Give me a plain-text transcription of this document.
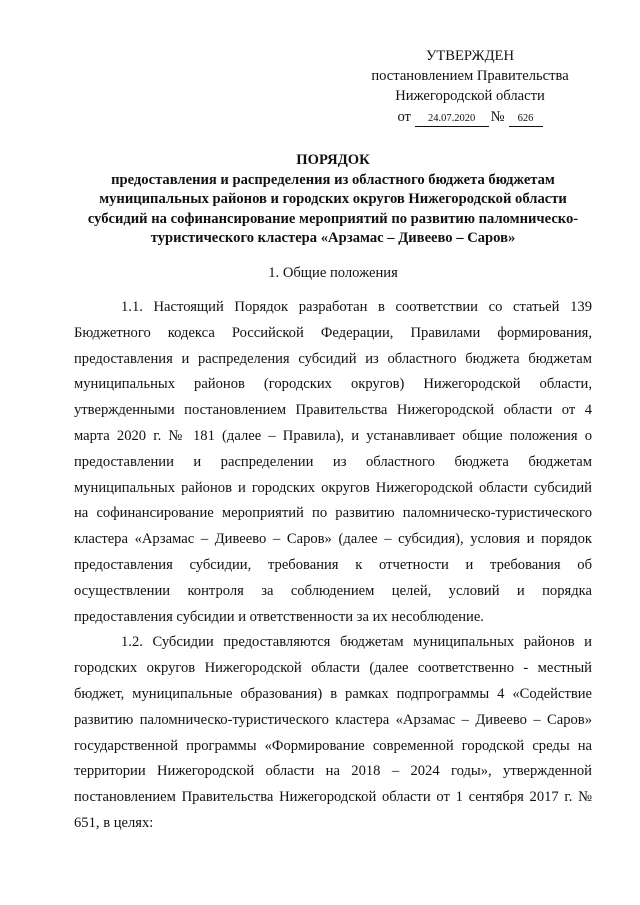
УТВЕРЖДЕН
постановлением Правительства
Нижегородской области
от 24.07.2020 № 626
ПОРЯДОК
предоставления и распределения из областного бюджета бюджетам муниципальных районов и городских округов Нижегородской области субсидий на софинансирование мероприятий по развитию паломническо-туристического кластера «Арзамас – Дивеево – Саров»
1. Общие положения

1.1. Настоящий Порядок разработан в соответствии со статьей 139 Бюджетного кодекса Российской Федерации, Правилами формирования, предоставления и распределения субсидий из областного бюджета бюджетам муниципальных районов (городских округов) Нижегородской области, утвержденными постановлением Правительства Нижегородской области от 4 марта 2020 г. № 181 (далее – Правила), и устанавливает общие положения о предоставлении и распределении из областного бюджета бюджетам муниципальных районов и городских округов Нижегородской области субсидий на софинансирование мероприятий по развитию паломническо-туристического кластера «Арзамас – Дивеево – Саров» (далее – субсидия), условия и порядок предоставления субсидии, требования к отчетности и требования об осуществлении контроля за соблюдением целей, условий и порядка предоставления субсидии и ответственности за их несоблюдение.

1.2. Субсидии предоставляются бюджетам муниципальных районов и городских округов Нижегородской области (далее соответственно - местный бюджет, муниципальные образования) в рамках подпрограммы 4 «Содействие развитию паломническо-туристического кластера «Арзамас – Дивеево – Саров» государственной программы «Формирование современной городской среды на территории Нижегородской области на 2018 – 2024 годы», утвержденной постановлением Правительства Нижегородской области от 1 сентября 2017 г. № 651, в целях:
